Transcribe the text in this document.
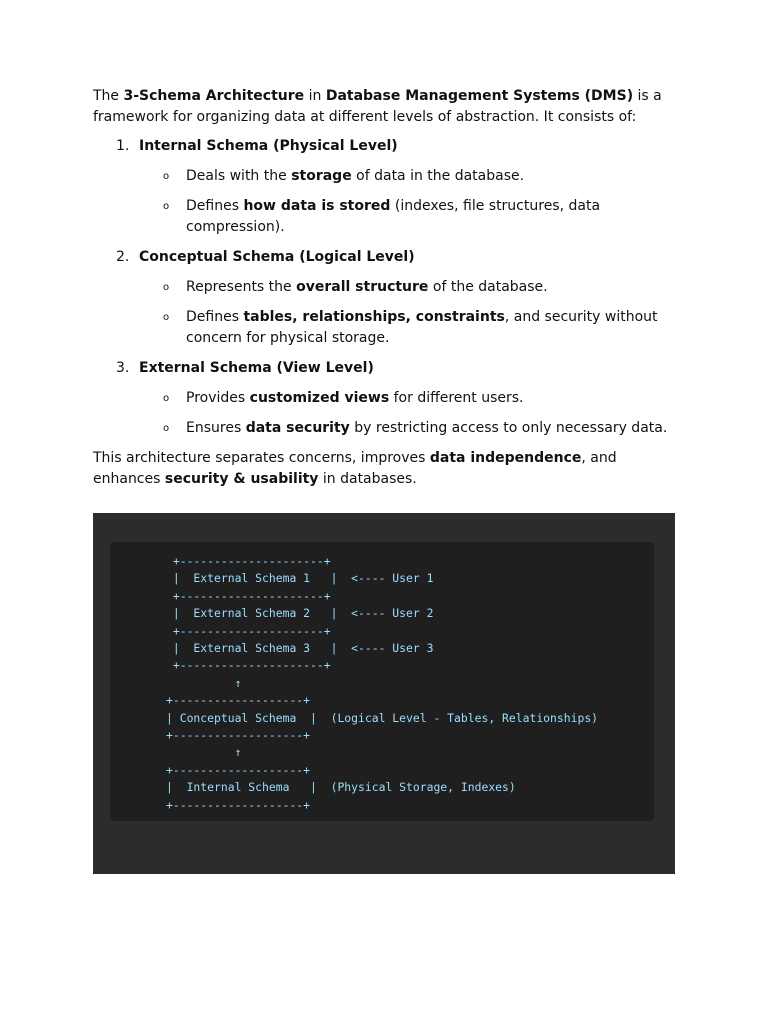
The 3-Schema Architecture in Database Management Systems (DMS) is a framework for organizing data at different levels of abstraction. It consists of:

1. Internal Schema (Physical Level)
o Deals with the storage of data in the database.
o Defines how data is stored (indexes, file structures, data compression).
2. Conceptual Schema (Logical Level)
o Represents the overall structure of the database.
o Defines tables, relationships, constraints, and security without concern for physical storage.
3. External Schema (View Level)
o Provides customized views for different users.
o Ensures data security by restricting access to only necessary data.

This architecture separates concerns, improves data independence, and enhances security & usability in databases.

+---------------------+
|  External Schema 1   |  <---- User 1
+---------------------+
|  External Schema 2   |  <---- User 2
+---------------------+
|  External Schema 3   |  <---- User 3
+---------------------+
↑
+-------------------+
| Conceptual Schema  |  (Logical Level - Tables, Relationships)
+-------------------+
↑
+-------------------+
|  Internal Schema   |  (Physical Storage, Indexes)
+-------------------+
